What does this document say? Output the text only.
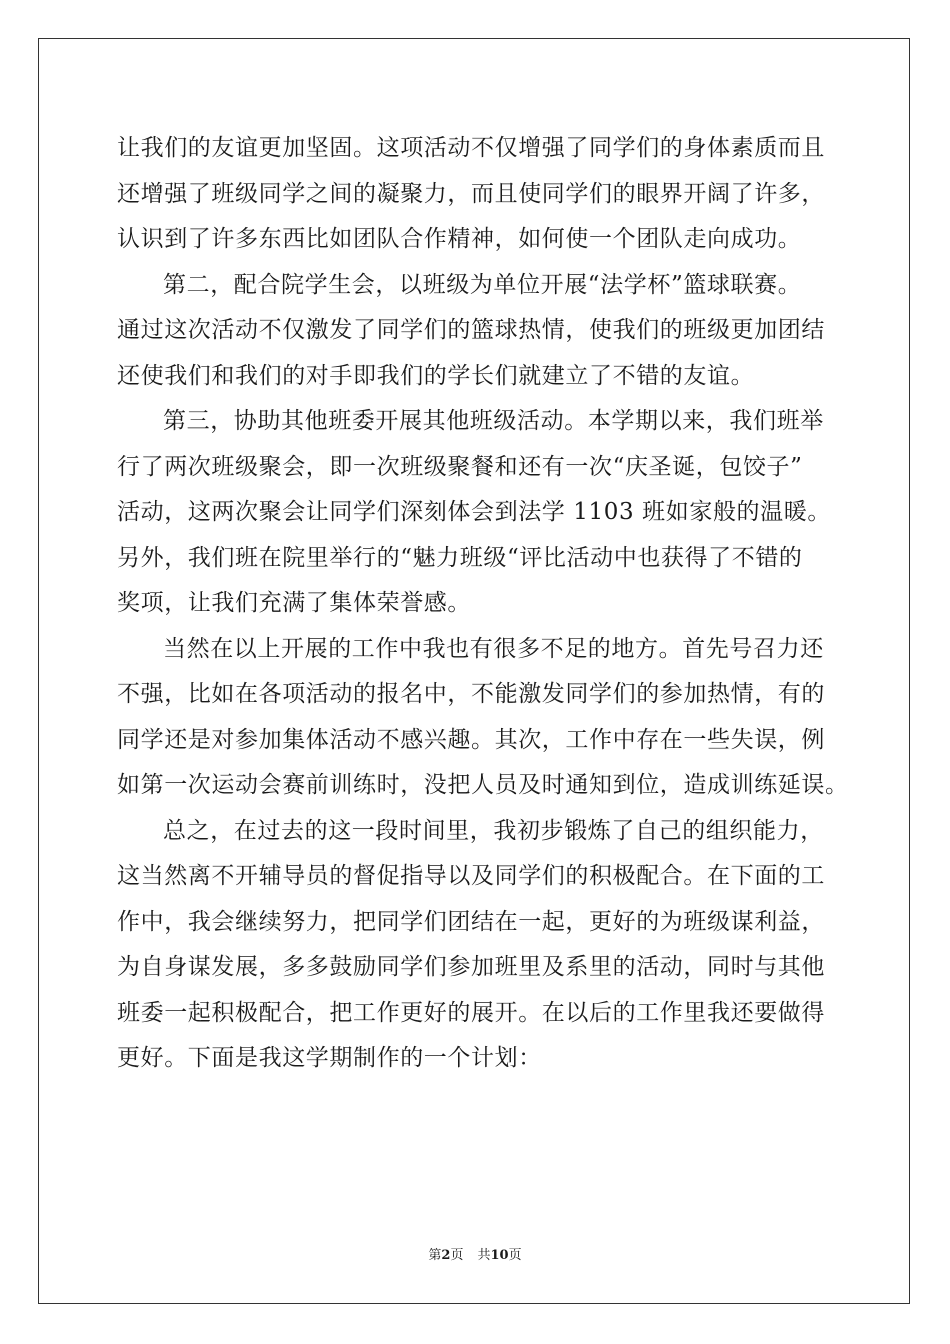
让我们的友谊更加坚固。这项活动不仅增强了同学们的身体素质而且
还增强了班级同学之间的凝聚力，而且使同学们的眼界开阔了许多，
认识到了许多东西比如团队合作精神，如何使一个团队走向成功。
第二，配合院学生会，以班级为单位开展“法学杯”篮球联赛。
通过这次活动不仅激发了同学们的篮球热情，使我们的班级更加团结
还使我们和我们的对手即我们的学长们就建立了不错的友谊。
第三，协助其他班委开展其他班级活动。本学期以来，我们班举
行了两次班级聚会，即一次班级聚餐和还有一次“庆圣诞，包饺子”
活动，这两次聚会让同学们深刻体会到法学 1103 班如家般的温暖。
另外，我们班在院里举行的“魅力班级“评比活动中也获得了不错的
奖项，让我们充满了集体荣誉感。
当然在以上开展的工作中我也有很多不足的地方。首先号召力还
不强，比如在各项活动的报名中，不能激发同学们的参加热情，有的
同学还是对参加集体活动不感兴趣。其次，工作中存在一些失误，例
如第一次运动会赛前训练时，没把人员及时通知到位，造成训练延误。
总之，在过去的这一段时间里，我初步锻炼了自己的组织能力，
这当然离不开辅导员的督促指导以及同学们的积极配合。在下面的工
作中，我会继续努力，把同学们团结在一起，更好的为班级谋利益，
为自身谋发展，多多鼓励同学们参加班里及系里的活动，同时与其他
班委一起积极配合，把工作更好的展开。在以后的工作里我还要做得
更好。下面是我这学期制作的一个计划：
第2页 共10页
